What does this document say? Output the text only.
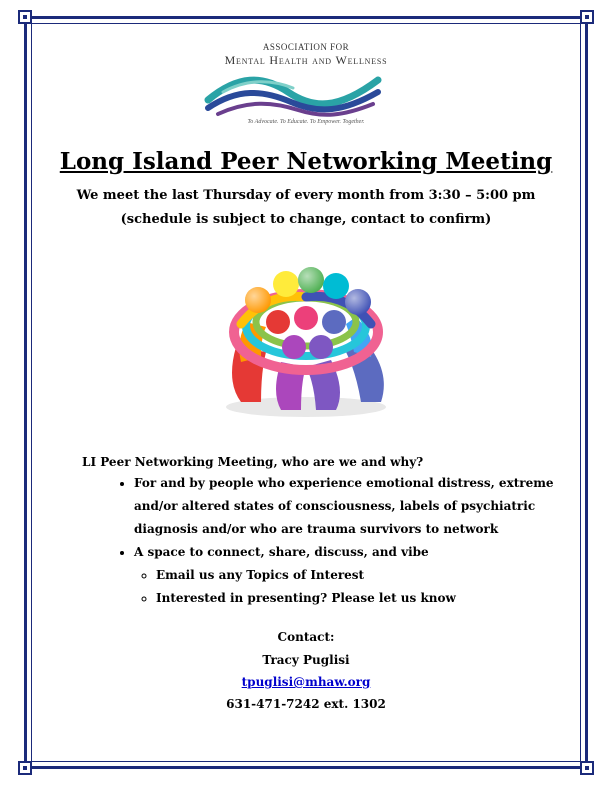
ASSOCIATION FOR
Mental Health and Wellness
To Advocate. To Educate. To Empower. Together.
Long Island Peer Networking Meeting
We meet the last Thursday of every month from 3:30 – 5:00 pm
(schedule is subject to change, contact to confirm)
LI Peer Networking Meeting, who are we and why?
• For and by people who experience emotional distress, extreme and/or altered states of consciousness, labels of psychiatric diagnosis and/or who are trauma survivors to network
• A space to connect, share, discuss, and vibe
◦ Email us any Topics of Interest
◦ Interested in presenting? Please let us know
Contact:
Tracy Puglisi
tpuglisi@mhaw.org
631-471-7242 ext. 1302
